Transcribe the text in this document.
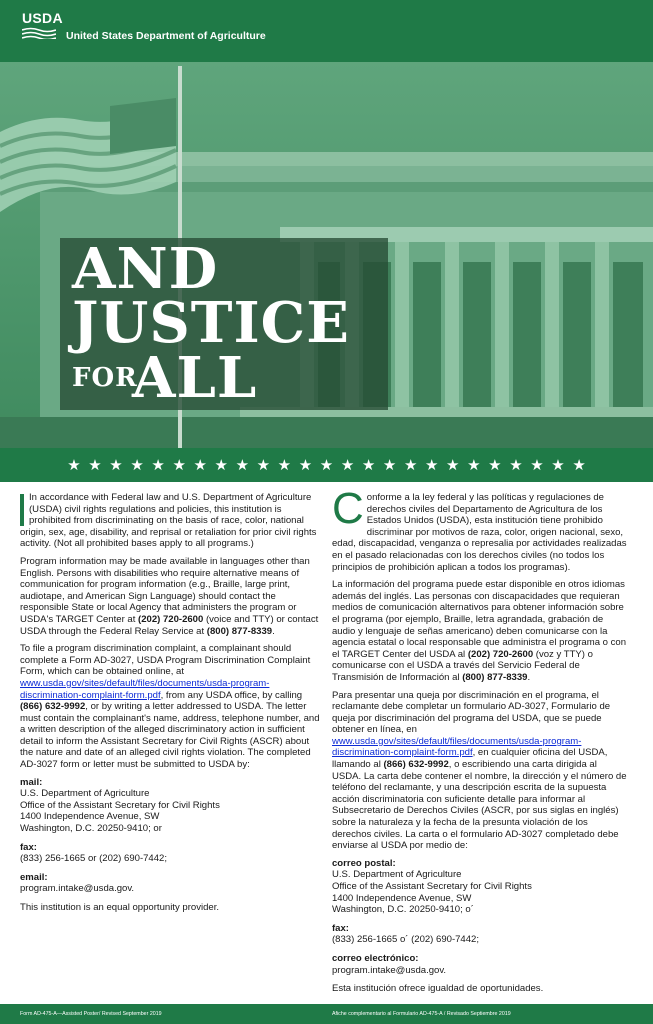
USDA
United States Department of Agriculture
AND
JUSTICE
FOR
ALL
★ ★ ★ ★ ★ ★ ★ ★ ★ ★ ★ ★ ★ ★ ★ ★ ★ ★ ★ ★ ★ ★ ★ ★ ★

In accordance with Federal law and U.S. Department of Agriculture (USDA) civil rights regulations and policies, this institution is prohibited from discriminating on the basis of race, color, national origin, sex, age, disability, and reprisal or retaliation for prior civil rights activity. (Not all prohibited bases apply to all programs.)

Program information may be made available in languages other than English. Persons with disabilities who require alternative means of communication for program information (e.g., Braille, large print, audiotape, and American Sign Language) should contact the responsible State or local Agency that administers the program or USDA's TARGET Center at (202) 720-2600 (voice and TTY) or contact USDA through the Federal Relay Service at (800) 877-8339.

To file a program discrimination complaint, a complainant should complete a Form AD-3027, USDA Program Discrimination Complaint Form, which can be obtained online, at www.usda.gov/sites/default/files/documents/usda-program-discrimination-complaint-form.pdf, from any USDA office, by calling (866) 632-9992, or by writing a letter addressed to USDA. The letter must contain the complainant's name, address, telephone number, and a written description of the alleged discriminatory action in sufficient detail to inform the Assistant Secretary for Civil Rights (ASCR) about the nature and date of an alleged civil rights violation. The completed AD-3027 form or letter must be submitted to USDA by:

mail:
U.S. Department of Agriculture
Office of the Assistant Secretary for Civil Rights
1400 Independence Avenue, SW
Washington, D.C. 20250-9410; or
fax:
(833) 256-1665 or (202) 690-7442;
email:
program.intake@usda.gov.
This institution is an equal opportunity provider.

Conforme a la ley federal y las políticas y regulaciones de derechos civiles del Departamento de Agricultura de los Estados Unidos (USDA), esta institución tiene prohibido discriminar por motivos de raza, color, origen nacional, sexo, edad, discapacidad, venganza o represalia por actividades realizadas en el pasado relacionadas con los derechos civiles (no todos los principios de prohibición aplican a todos los programas).

La información del programa puede estar disponible en otros idiomas además del inglés. Las personas con discapacidades que requieran medios de comunicación alternativos para obtener información sobre el programa (por ejemplo, Braille, letra agrandada, grabación de audio y lenguaje de señas americano) deben comunicarse con la agencia estatal o local responsable que administra el programa o con el TARGET Center del USDA al (202) 720-2600 (voz y TTY) o comunicarse con el USDA a través del Servicio Federal de Transmisión de Información al (800) 877-8339.

Para presentar una queja por discriminación en el programa, el reclamante debe completar un formulario AD-3027, Formulario de queja por discriminación del programa del USDA, que se puede obtener en línea, en www.usda.gov/sites/default/files/documents/usda-program-discrimination-complaint-form.pdf, en cualquier oficina del USDA, llamando al (866) 632-9992, o escribiendo una carta dirigida al USDA. La carta debe contener el nombre, la dirección y el número de teléfono del reclamante, y una descripción escrita de la supuesta acción discriminatoria con suficiente detalle para informar al Subsecretario de Derechos Civiles (ASCR, por sus siglas en inglés) sobre la naturaleza y la fecha de la presunta violación de los derechos civiles. La carta o el formulario AD-3027 completado debe enviarse al USDA por medio de:

correo postal:
U.S. Department of Agriculture
Office of the Assistant Secretary for Civil Rights
1400 Independence Avenue, SW
Washington, D.C. 20250-9410; o´
fax:
(833) 256-1665 o´ (202) 690-7442;
correo electrónico:
program.intake@usda.gov.
Esta institución ofrece igualdad de oportunidades.
Form AD-475-A—Assisted Poster/ Revised September 2019	Afiche complementario al Formulario AD-475-A / Revisado Septiembre 2019
